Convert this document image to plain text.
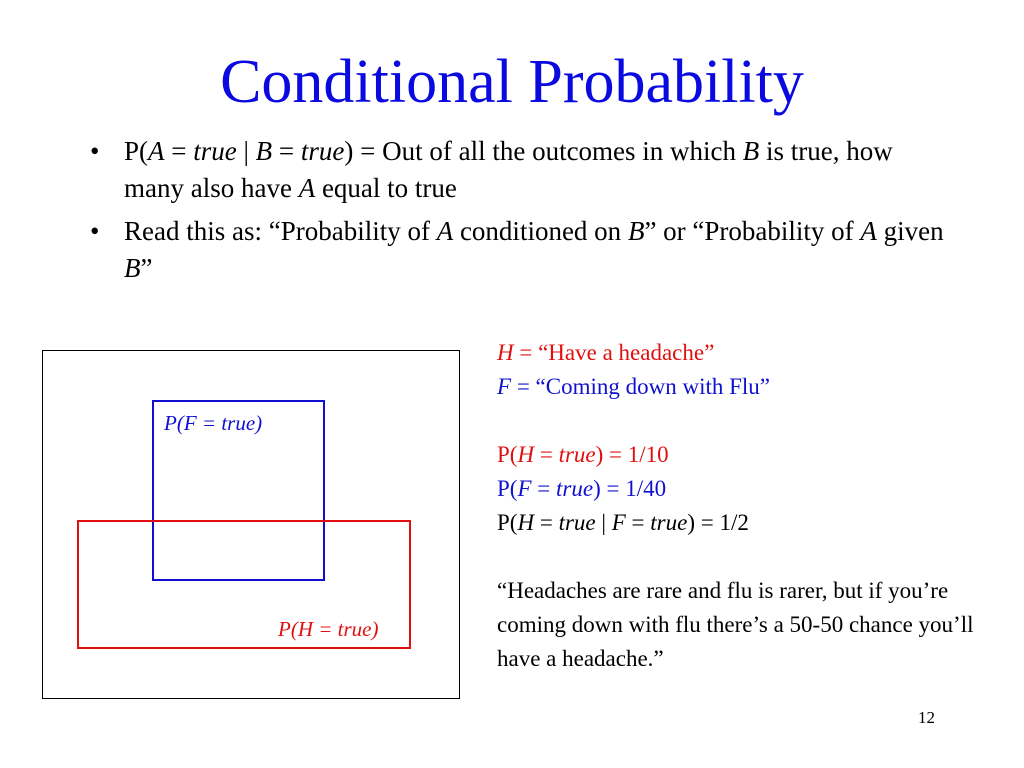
Conditional Probability
• P(A = true | B = true) = Out of all the outcomes in which B is true, how many also have A equal to true
• Read this as: “Probability of A conditioned on B” or “Probability of A given B”
P(F = true)
P(H = true)
H = “Have a headache”
F = “Coming down with Flu”
P(H = true) = 1/10
P(F = true) = 1/40
P(H = true | F = true) = 1/2
“Headaches are rare and flu is rarer, but if you’re coming down with flu there’s a 50-50 chance you’ll have a headache.”
12
